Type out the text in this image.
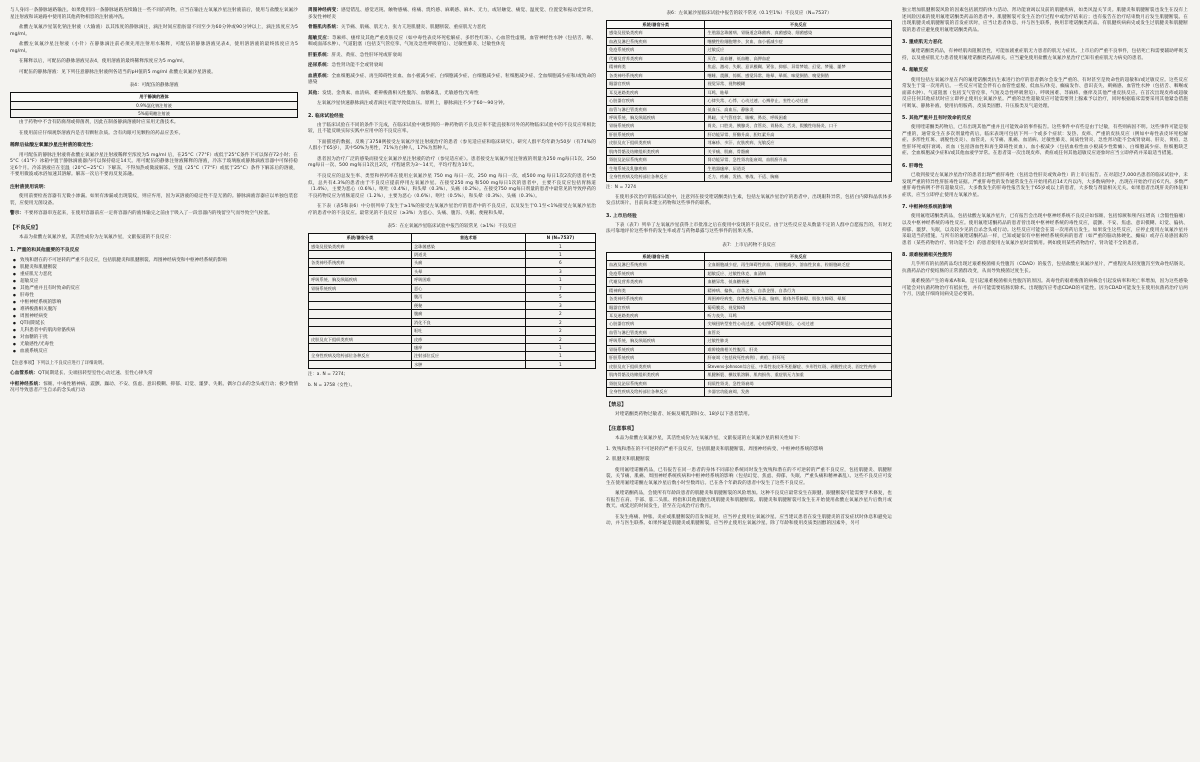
与人身同一条静脉通路输注。如果使用同一条静脉通路连续输注一些不同的药物，应当在输注左氧氟沙星注射液前后，使用与盐酸左氧氟沙星注射液和该通路中使用的其他药物相容的注射液冲洗。

盐酸左氧氟沙星氯化钠注射液（大输液）以其浓度的静脉滴注，滴注时间应脂肪量不同至少为60分钟或90分钟以上，滴注浓度应为5 mg/ml。

盐酸左氧氟沙星注射液（小针）在静脉滴注前必须先用注射用水稀释，可配伍的静脉溶液见表4，使用溶溶液的最终浓度应为5 mg/ml。

在稀释以后，可配伍的静脉溶液见表4，使用溶液的最终稀释浓度应为5 mg/ml。

可配伍的静脉溶液：见下列任意静脉注射液例各适当的pH值的5 mg/ml 盐酸左氧氟沙星溶液。

表4：可配伍的静脉溶液
用于静滴的液体
0.9%氯化钠注射液
5%葡萄糖注射液

由于药物中不含有防腐剂或抑菌剂，因此在制备静滴溶液时应采用无菌技术。

在使用前应仔细观察溶液内是否有颗粒杂质。含有肉眼可见颗粒的药品应丢弃。

稀释后盐酸左氧氟沙星注射液的稳定性：

用可配伍的静脉注射液将盐酸左氧氟沙星注射液稀释至浓度为5 mg/ml 后，在25°C（77°F）或低于25°C条件下可以保存72小时；在5°C（41°F）冰箱中置于静脉滴液器内可以保持稳定14天。用可配伍的静脉注射液稀释的溶液，冷冻于玻璃瓶或静脉滴液容器中可保持稳定6个月。冷冻溶液应在室温（20°C~25°C）下解冻，不得加热或微波解冻。至温（25°C（77°F）或低于25°C）条件下解冻后的溶液，不要用微波或冰浴加速其溶解。解冻一次后不要再反复冻融。

注射液使用说明：

使用前要检查容器有无微小渗漏。如果有渗漏或出现裂纹，则应弃用，因为该溶液的稳定性不是无菌的。静脉滴液容器应以单独包装套装，应使用无菌设备。

警示：不要将容器串连起来，在使用容器前应一定将容器内的液体输完之前由于吸入了一段容器内的残留空气而导致空气栓塞。

【不良反应】

本品为盐酸左氧氟沙星，其活性成份为左氧氟沙星，文献报道的不良反应：

1. 严重的和其他重要的不良反应
● 致残和潜在的不可逆转的严重不良反应，包括肌腱炎和肌腱断裂、周围神经病变和中枢神经系统的影响
● 肌腱炎和肌腱断裂
● 重症肌无力恶化
● 超敏反应
● 其他严重并且有时致命的反应
● 肝毒性
● 中枢神经系统的影响
● 难辨梭菌相关腹泻
● 周围神经病变
● QT间期延长
● 儿科患者中的肌肉骨骼疾病
● 对血糖的干扰
● 光敏感性/光毒性
● 血液系统反应

【注意事项】下列以上不良反应进行了详细说明。

心血管系统：QT间期延长、尖端扭转型室性心动过速、室性心律失常

中枢神经系统：惊厥、中毒性精神病、震颤、躁动、不安、焦虑、意识模糊、抑郁、幻觉、噩梦、失眠、偶尔自杀的念头或行动；极少数情况可导致患者产生自杀的念头或行动

周围神经病变：感觉错乱、感觉迟钝、触物感痛、疼痛、烧灼感、麻刺感、麻木、无力，或轻触觉、痛觉、温度觉、位置觉和振动觉异常，多发性神经炎

骨骼肌肉系统：关节痛、肌痛、肌无力、张力亢进肌腱炎、肌腱断裂、重症肌无力恶化

超敏反应：荨麻疹、瘙痒及其他严重皮肤反应（如中毒性表皮坏死松解症、多形性红斑）、心血管性虚脱、血管神经性水肿（包括舌、喉、咽或面部水肿）、气道阻塞（包括支气管痉挛、气短及急性呼吸窘迫）、过敏性肺炎、过敏性休克

肝脏系统：肝炎、黄疸、急性肝坏死或肝衰竭

泌尿系统：急性肾功能不全或肾衰竭

血液系统：全血细胞减少症、再生障碍性贫血、血小板减少症、白细胞减少症、白细胞减少症、粒细胞减少症、全血细胞减少症和/或致命的感染

其他：发烧、金黄素、血清病、难辨梭菌相关性腹泻、血糖紊乱、光敏感性/光毒性

左氧氟沙星快速静脉滴注或者滴注可能导致低血压。原则上，静脉滴注不少于60～90分钟。

2. 临床试验经验

由于临床试验在不同的条件下完成，在临床试验中观察到的一种药物的不良反应率不能直接和另外的药物临床试验中的不良反应率相比较，且不能反映实际实践中应用中的不良反应率。

下面描述的数据，反映了3758例接受左氧氟沙星注射液治疗的患者（参见适应症和临床研究）。研究人群平均年龄为50岁（有74%的人群小于65岁），其中50%为男性，71%为白种人，17%为黑种人。

患者因为治疗广泛的感染而接受左氧氟沙星注射液的治疗（参见适应症）。患者接受左氧氟沙星注射液的剂量为250 mg每日1次、250 mg每日一次、500 mg每日1次且2次，疗程通常为3～14天，平均疗程为10天。

不良反应的总发生率、类型和停药率在使用左氧氟沙星 750 mg 每日一次、250 mg 每日一次、或500 mg 每日1次2次的患者中类似，总共有4.3%的患者由于不良反应提前停用左氧氟沙星。在接受250 mg 和500 mg每日1次的患者中，主要不良反应包括胃肠道（1.4%），主要为恶心（0.6%）、呕吐（0.4%），和头晕（0.3%）、头痛（0.2%）。在接受750 mg每日剂量的患者中最常见的导致停药的不良药物反应为胃肠道反应（1.2%），主要为恶心（0.6%）、呕吐（0.5%），和头晕（0.3%）、头痛（0.3%）。

在下表（表5和表6）中分别列举了发生于≥1%的接受左氧氟沙星治疗的患者中的不良反应，以及发生于0.1至<1%接受左氧氟沙星治疗的患者中的不良反应。最常见的不良反应（≥3%）为恶心、头痛、腹泻、失眠、便秘和头晕。

表5：在左氧氟沙星临床试验中报告的较常见（≥1%）不良反应
系统/器官分类	首选术语	N (N=7537)
感染及侵染类疾病	念珠菌感染	1
	阴道炎	1
各类神经系统疾病	头痛	6
	头晕	3
呼吸系统、胸及纵隔疾病	呼吸困难	1
胃肠系统疾病	恶心	7
	腹泻	5
	便秘	3
	腹痛	2
	消化不良	2
	呕吐	2
皮肤及皮下组织类疾病	皮疹	2
	瘙痒	1
全身性疾病及给药部位各种反应	注射部位反应	1
	水肿	1

注：a. N = 7274;

b. N = 3758（女性）。

表6：左氧氟沙星临床试验中报告的较不常见（0.1至1%）不良反应（N=7537）
系统/器官分类	不良反应
感染及侵染类疾病	生殖器念珠菌病、胃肠道念珠菌病、真菌感染、细菌感染
血液及淋巴系统疾病	嗜酸性粒细胞增多、贫血、血小板减少症
免疫系统疾病	过敏反应
代谢及营养类疾病	厌食、高血糖、低血糖、高钾血症
精神病类	焦虑、激动、失眠、意识模糊、紧张、抑郁、异常梦境、幻觉、梦魇、噩梦
各类神经系统疾病	嗜睡、震颤、惊厥、感觉异常、眩晕、晕厥、味觉倒错、嗅觉倒错
眼器官疾病	视觉异常、视物模糊
耳及迷路类疾病	耳鸣、眩晕
心脏器官疾病	心律失常、心悸、心动过速、心搏停止、室性心动过速
血管与淋巴管类疾病	低血压、高血压、静脉炎
呼吸系统、胸及纵隔疾病	鼻衄、支气管痉挛、咳嗽、鼻炎、呼吸困难
胃肠系统疾病	胃炎、口腔炎、胰腺炎、食管炎、胃肠炎、舌炎、假膜性结肠炎、口干
肝胆系统疾病	肝功能异常、肝酶升高、胆红素升高
皮肤及皮下组织类疾病	荨麻疹、多汗、皮肤疾病、光敏反应
肌肉骨骼及结缔组织类疾病	关节痛、肌痛、骨骼痛
肾脏及泌尿系统疾病	肾功能异常、急性肾功能衰竭、血肌酐升高
生殖系统及乳腺疾病	生殖器瘙痒、尿道炎
全身性疾病及给药部位各种反应	乏力、疼痛、发热、寒战、不适、胸痛

注：N = 7274

在使用多次治疗的临床试验中，注意到在接受喹诺酮类抗生素，包括左氧氟沙星治疗的患者中，出现眼科异常，包括白内障和晶状体多发点状斑片。目前尚未建立药物和这些事件的联系。

3. 上市后经验

下表（表7）列举了左氧氟沙星获得上市批准之后在使用中发现的不良反应。由于这些反应是从数量不定的人群中自愿报告的，有时无法可靠地评价这些事件的发生率或者与药物暴露与这些事件的因果关系。

表7：上市后药物不良反应
系统/器官分类	不良反应
血液及淋巴系统疾病	全血细胞减少症、再生障碍性贫血、白细胞减少、溶血性贫血、粒细胞缺乏症
免疫系统疾病	超敏反应、过敏性休克、血清病
代谢及营养类疾病	血糖异常、低血糖昏迷
精神病类	精神病、偏执、自杀念头、自杀企图、自杀行为
各类神经系统疾病	周围神经病变、良性颅内压升高、脑病、锥体外系障碍、肌张力障碍、晕厥
眼器官疾病	葡萄膜炎、视觉障碍
耳及迷路类疾病	听力丧失、耳鸣
心脏器官疾病	尖端扭转型室性心动过速、心电图QT间期延长、心动过速
血管与淋巴管类疾病	血管炎
呼吸系统、胸及纵隔疾病	过敏性肺炎
胃肠系统疾病	难辨梭菌相关性腹泻、肝炎
肝胆系统疾病	肝衰竭（包括致死性病例）、黄疸、肝坏死
皮肤及皮下组织类疾病	Stevens-Johnson综合征、中毒性表皮坏死松解症、多形性红斑、剥脱性皮炎、固定性药疹
肌肉骨骼及结缔组织类疾病	肌腱断裂、横纹肌溶解、肌肉损伤、重症肌无力加重
肾脏及泌尿系统疾病	间质性肾炎、急性肾衰竭
全身性疾病及给药部位各种反应	多器官功能衰竭、发热
【禁忌】

对喹诺酮类药物过敏者、妊娠及哺乳期妇女、18岁以下患者禁用。

【注意事项】

本品为盐酸左氧氟沙星，其活性成份为左氧氟沙星，文献报道的左氧氟沙星的相关性如下：

1. 致残和潜在的不可逆转的严重不良反应，包括肌腱炎和肌腱断裂、周围神经病变、中枢神经系统的影响

2. 肌腱炎和肌腱断裂

使用氟喹诺酮药品，已有报告在同一患者的身体不同部位系统同时发生致残和潜在的不可逆转的严重不良反应，包括肌腱炎、肌腱断裂、关节痛、肌痛、周围神经系统疾病和中枢神经系统的影响（包括幻觉、焦虑、抑郁、失眠、严重头痛和精神紊乱）。这些不良反应可发生在使用氟喹诺酮左氧氟沙星后数小时至数周后。已在各个年龄段的患者中发生了这些不良反应。

氟喹诺酮药品，会使所有年龄段患者的肌腱炎和肌腱断裂的风险增加。这种不良反应最常发生在跟腱，跟腱断裂可能需要手术修复，也有报告在肩、手部、肱二头肌、拇指和其他肌腱出现肌腱炎和肌腱断裂。肌腱炎和肌腱断裂可发生在开始使用盐酸左氧氟沙星片后数月或数天。或延迟的时间发生，甚至在完成治疗后数月。

在发生疼痛、肿胀、炎症或肌腱断裂的首发体征时，应当停止使用左氧氟沙星。应当建议患者在发生肌腱炎的首发症状时休息和避免运动，并与医生联系。如果怀疑是肌腱炎或肌腱断裂，应当停止使用左氧氟沙星。除了年龄和使用皮质类固醇的因素外，另可

独立增加肌腱断裂风险的因素包括剧烈的体力活动、肾功能衰竭以及前的肌腱疾病，如类风湿关节炎。肌腱炎和肌腱断裂也发生在没有上述风险因素的使用氟喹诺酮类药品的患者中。肌腱断裂可发生在治疗过程中或治疗结束后；也有报告在治疗结束数月后发生肌腱断裂。在出现肌腱炎或肌腱断裂的首发症状时，应当让患者休息、并与医生联系，换用非喹诺酮类药品。有肌腱疾病病史或发生过肌腱炎和肌腱断裂的患者应避免使用氟喹诺酮类药品。

3. 重症肌无力恶化

氟喹诺酮类药品，有神经肌肉阻断活性，可能加剧重症肌无力患者的肌无力症状。上市后的严重不良事件，包括死亡和需要辅助呼吸支持，以及重症肌无力患者使用氟喹诺酮类药品相关。应当避免使用盐酸左氧氟沙星治疗已知有重症肌无力病史的患者。

4. 超敏反应

使用包括左氧氟沙星在内的氟喹诺酮类抗生素进行治疗的患者偶尔会发生严重的、有时甚至是致命性的超敏和/或过敏反应。这些反应常发生于第一次用药后。一些反应可能会伴有心血管性虚脱、低血压/休克、癫痫发作、意识丧失、刺痛感、血管性水肿（包括舌、咽喉或面部水肿）、气道阻塞（包括支气管痉挛、气短及急性呼吸窘迫）、呼吸困难、荨麻疹、瘙痒及其他严重皮肤反应。在首次出现皮疹或超敏反应任何其他症状时应立即停止使用左氧氟沙星。严重的急性超敏反应可能需要肾上腺素予以治疗，同时根据临床需要采用其他紧急措施可吸氧、静脉补液、使用抗组胺药、皮质类固醇、升压胺类及气道处理。

5. 其他严重并且有时致命的反应

使用喹诺酮类药物后，已有出现其他严重并且可能致命的事件报告。这些事件中有些是由于过敏，有些则病因不明。这些事件可能是很严重的，通常发生在多次剂量给药后。临床表现可包括下列一个或多个症状：发热、皮疹、严重的皮肤反应（例如中毒性表皮坏死松解症、多形性红斑、剥脱性皮炎）、血管炎、关节痛、肌痛、血清病、过敏性肺炎、间质性肾炎、急性肾功能不全或肾衰竭、肝炎、黄疸、急性肝坏死或肝衰竭、贫血（包括溶血性和再生障碍性贫血）、血小板减少（包括血栓性血小板减少性紫癜）、白细胞减少症、粒细胞缺乏症、全血细胞减少症和/或其他血液学异常。在患者第一次出现皮疹、黄疸或任何其他超敏反应迹象时应当立即停药并采取适当措施。

6. 肝毒性

已收到接受左氧氟沙星治疗的患者出现严重肝毒性（包括急性肝炎或致命性）的上市后报告。在对超过7,000名患者的临床试验中，未发现严重的特异性肝脏毒性证据。严重肝毒性的发作通常发生在开始用药后14天内以内，大多数病例中，出现在开始治疗后6天内。多数严重肝毒性病例不伴有超敏反应。大多数发生的肝毒性报告发生于65岁或以上的患者，大多数与剂量相关无关。如果患者出现肝炎的体征和症状，应当立即停止使用左氧氟沙星。

7. 中枢神经系统的影响

使用氟喹诺酮类药品，包括盐酸左氧氟沙星片，已有报告会出现中枢神经系统不良反应如惊厥、包括惊厥和颅内压增高（含假性脑瘤）以及中枢神经系统的毒性反应。使用氟喹诺酮药品的患者曾出现中枢神经系统的毒性反应，震颤、不安、焦虑、意识模糊、幻觉、偏执、抑郁、噩梦、失眠，以及较少见的自杀念头或行动。这些反应可能会在第一次用药后发生。如果发生这些反应，应停止使用左氧氟沙星并采取适当的措施。与所有的氟喹诺酮药品一样，已知或疑似有中枢神经系统疾病的患者（如严重的脑动脉硬化、癫痫）或存在易感因素的患者（某些药物治疗、肾功能不全）的患者使用左氧氟沙星时需慎用。例如使用某些药物治疗、肾功能不全的患者。

8. 艰难梭菌相关性腹泻

几乎所有的抗菌药品均出现过艰难梭菌相关性腹泻（CDAD）的报告，包括盐酸左氧氟沙星片，严重程度从轻度腹泻至致命性结肠炎。抗菌药品治疗使结肠的正常菌群改变，从而导致梭菌过度生长。

艰难梭菌产生的毒素A和B。是引起艰难梭菌相关性腹泻的原因。高毒性的艰难梭菌的病株会引起发病率和死亡率增加，因为这些感染可能会对抗菌药物治疗有抵抗性，并有可能需要结肠切除术。出现腹泻应考虑CDAD的可能性。因为CDAD可能发生在使用抗菌药治疗后两个月，因此仔细询问病史是必要的。
